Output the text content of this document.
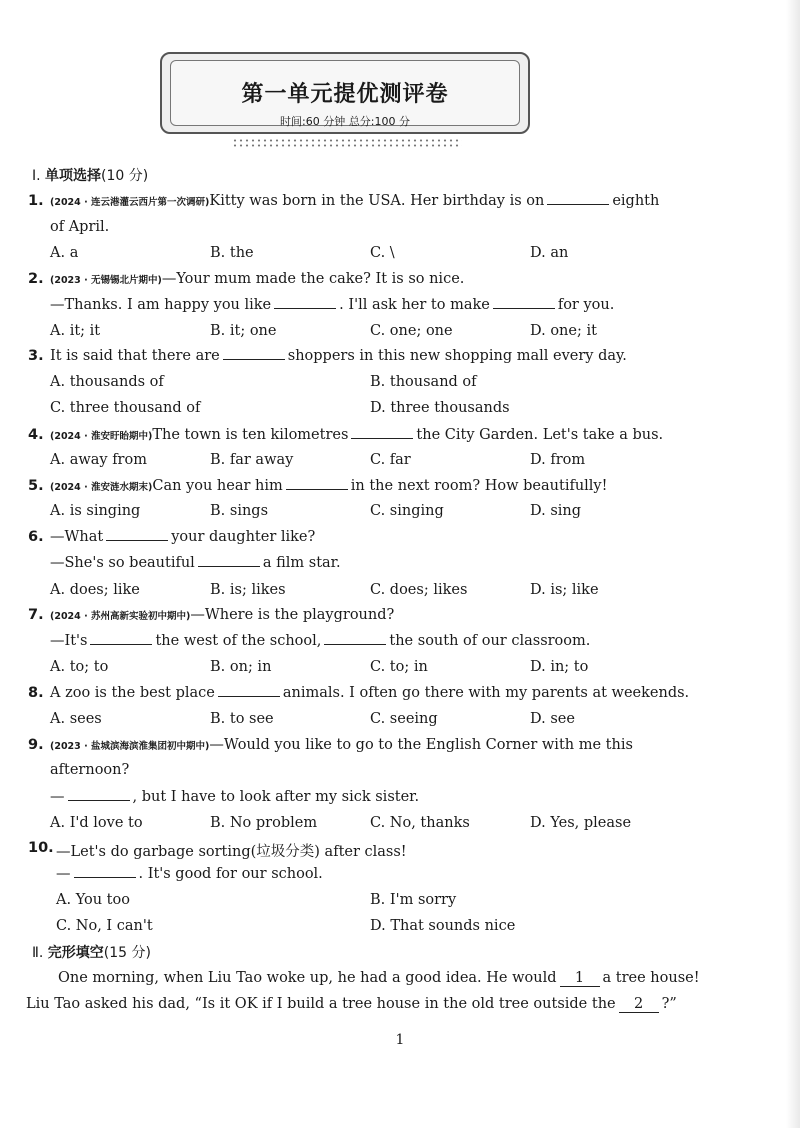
第一单元提优测评卷
时间:60 分钟 总分:100 分
Ⅰ. 单项选择(10 分)
1. (2024 · 连云港灌云西片第一次调研)Kitty was born in the USA. Her birthday is on	eighth
of April.
A. a	B. the	C. \	D. an
2. (2023 · 无锡锡北片期中)—Your mum made the cake? It is so nice.
—Thanks. I am happy you like	. I'll ask her to make	for you.
A. it; it	B. it; one	C. one; one	D. one; it
3. It is said that there are	shoppers in this new shopping mall every day.
A. thousands of	B. thousand of
C. three thousand of	D. three thousands
4. (2024 · 淮安盱眙期中)The town is ten kilometres	the City Garden. Let's take a bus.
A. away from	B. far away	C. far	D. from
5. (2024 · 淮安涟水期末)Can you hear him	in the next room? How beautifully!
A. is singing	B. sings	C. singing	D. sing
6. —What	your daughter like?
—She's so beautiful	a film star.
A. does; like	B. is; likes	C. does; likes	D. is; like
7. (2024 · 苏州高新实验初中期中)—Where is the playground?
—It's	the west of the school,	the south of our classroom.
A. to; to	B. on; in	C. to; in	D. in; to
8. A zoo is the best place	animals. I often go there with my parents at weekends.
A. sees	B. to see	C. seeing	D. see
9. (2023 · 盐城滨海滨淮集团初中期中)—Would you like to go to the English Corner with me this
afternoon?
—	, but I have to look after my sick sister.
A. I'd love to	B. No problem	C. No, thanks	D. Yes, please
10. —Let's do garbage sorting(垃圾分类) after class!
—	. It's good for our school.
A. You too	B. I'm sorry
C. No, I can't	D. That sounds nice
Ⅱ. 完形填空(15 分)
One morning, when Liu Tao woke up, he had a good idea. He would 1 a tree house!
Liu Tao asked his dad, “Is it OK if I build a tree house in the old tree outside the 2 ?”
1
